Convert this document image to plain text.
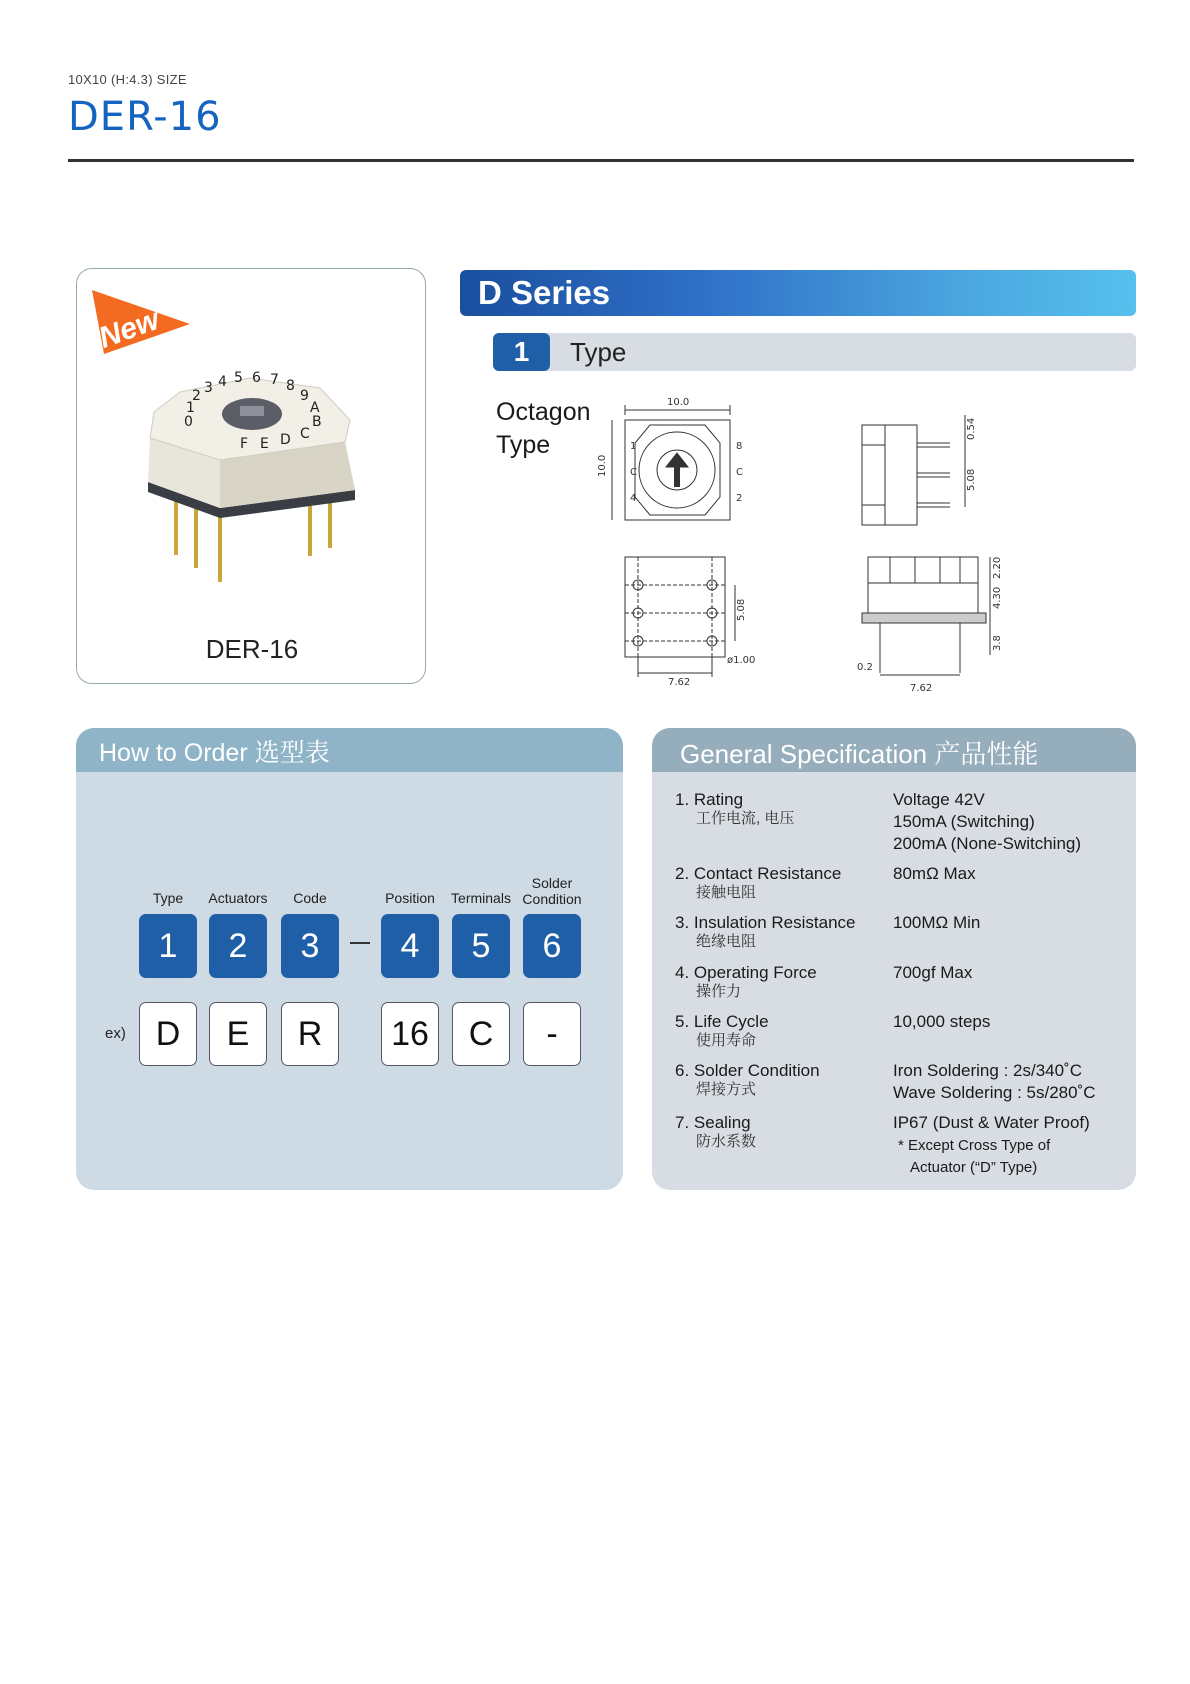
10X10 (H:4.3) SIZE
DER-16
New
0
1
2 3 4 5 6 7 8
9
A
B
C
D
E
F
DER-16
D Series
1	Type
Octagon
Type
10.0
10.0
1
C
4
8
C
2
0.54
5.08
5.08
ø1.00
7.62
2.20
4.30
3.8
0.2
7.62
How to Order 选型表
Type	Actuators	Code	Position	Terminals
Solder
Condition
1	2	3	4	5	6
ex) D	E	R	16	C	-
General Specification 产品性能
1. Rating
工作电流, 电压
Voltage 42V
150mA (Switching)
200mA (None-Switching)
2. Contact Resistance
接触电阻
80mΩ Max
3. Insulation Resistance
绝缘电阻
100MΩ Min
4. Operating Force
操作力
700gf Max
5. Life Cycle
使用寿命
10,000 steps
6. Solder Condition
焊接方式
Iron Soldering : 2s/340˚C
Wave Soldering : 5s/280˚C
7. Sealing
防水系数
IP67 (Dust & Water Proof)
* Except Cross Type of
Actuator (“D” Type)
